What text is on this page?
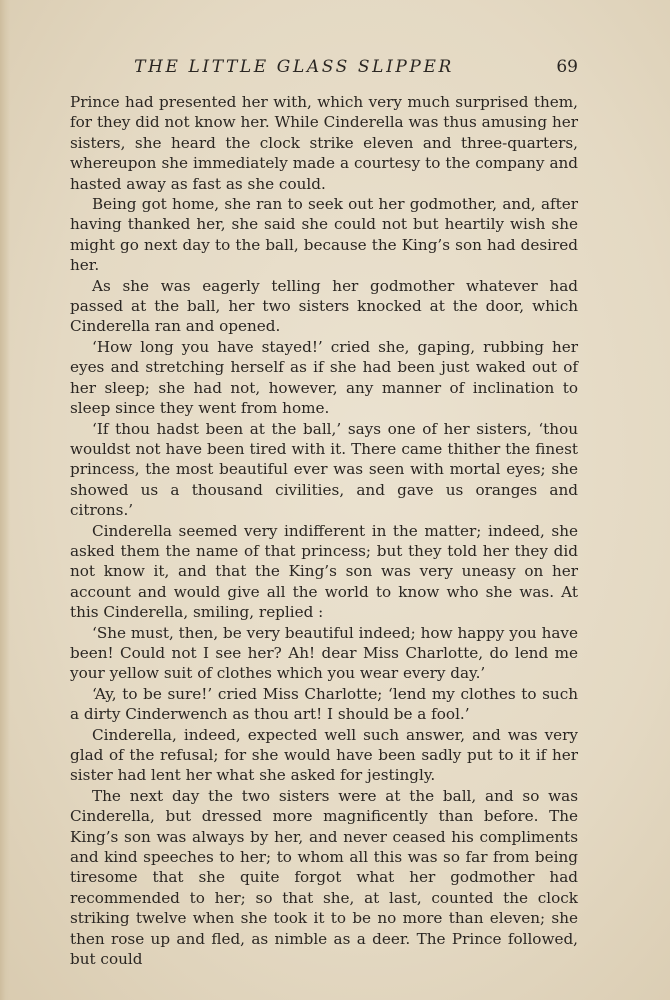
THE LITTLE GLASS SLIPPER	69

Prince had presented her with, which very much surprised them, for they did not know her. While Cinderella was thus amusing her sisters, she heard the clock strike eleven and three-quarters, whereupon she immediately made a courtesy to the company and hasted away as fast as she could.

Being got home, she ran to seek out her godmother, and, after having thanked her, she said she could not but heartily wish she might go next day to the ball, because the King’s son had desired her.

As she was eagerly telling her godmother whatever had passed at the ball, her two sisters knocked at the door, which Cinderella ran and opened.

‘How long you have stayed!’ cried she, gaping, rubbing her eyes and stretching herself as if she had been just waked out of her sleep; she had not, however, any manner of inclination to sleep since they went from home.

‘If thou hadst been at the ball,’ says one of her sisters, ‘thou wouldst not have been tired with it. There came thither the finest princess, the most beautiful ever was seen with mortal eyes; she showed us a thousand civilities, and gave us oranges and citrons.’

Cinderella seemed very indifferent in the matter; indeed, she asked them the name of that princess; but they told her they did not know it, and that the King’s son was very uneasy on her account and would give all the world to know who she was. At this Cinderella, smiling, replied :

‘She must, then, be very beautiful indeed; how happy you have been! Could not I see her? Ah! dear Miss Charlotte, do lend me your yellow suit of clothes which you wear every day.’

‘Ay, to be sure!’ cried Miss Charlotte; ‘lend my clothes to such a dirty Cinderwench as thou art! I should be a fool.’

Cinderella, indeed, expected well such answer, and was very glad of the refusal; for she would have been sadly put to it if her sister had lent her what she asked for jestingly.

The next day the two sisters were at the ball, and so was Cinderella, but dressed more magnificently than before. The King’s son was always by her, and never ceased his compliments and kind speeches to her; to whom all this was so far from being tiresome that she quite forgot what her godmother had recommended to her; so that she, at last, counted the clock striking twelve when she took it to be no more than eleven; she then rose up and fled, as nimble as a deer. The Prince followed, but could
